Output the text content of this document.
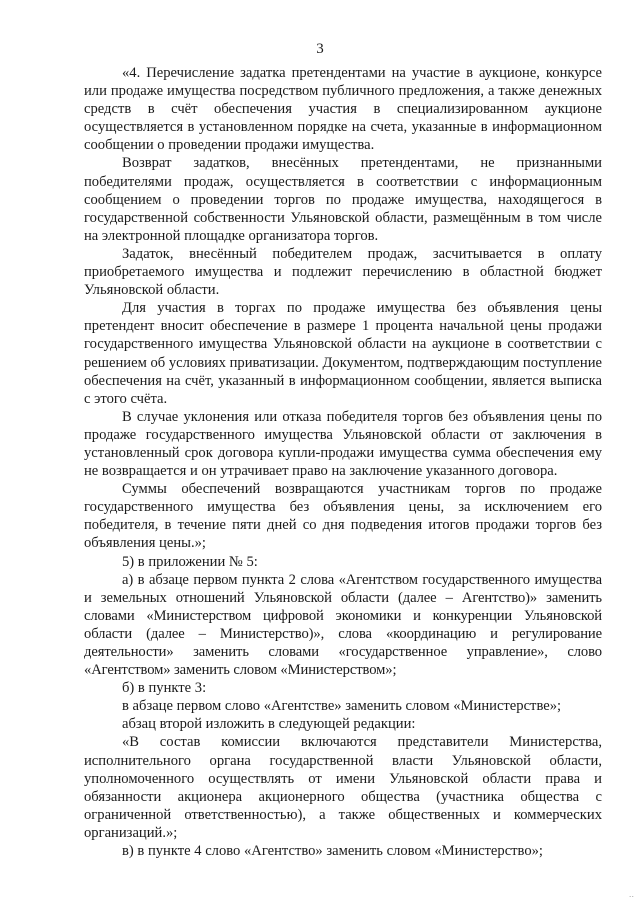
3

«4. Перечисление задатка претендентами на участие в аукционе, конкурсе или продаже имущества посредством публичного предложения, а также денежных средств в счёт обеспечения участия в специализированном аукционе осуществляется в установленном порядке на счета, указанные в информационном сообщении о проведении продажи имущества.

Возврат задатков, внесённых претендентами, не признанными победителями продаж, осуществляется в соответствии с информационным сообщением о проведении торгов по продаже имущества, находящегося в государственной собственности Ульяновской области, размещённым в том числе на электронной площадке организатора торгов.

Задаток, внесённый победителем продаж, засчитывается в оплату приобретаемого имущества и подлежит перечислению в областной бюджет Ульяновской области.

Для участия в торгах по продаже имущества без объявления цены претендент вносит обеспечение в размере 1 процента начальной цены продажи государственного имущества Ульяновской области на аукционе в соответствии с решением об условиях приватизации. Документом, подтверждающим поступление обеспечения на счёт, указанный в информационном сообщении, является выписка с этого счёта.

В случае уклонения или отказа победителя торгов без объявления цены по продаже государственного имущества Ульяновской области от заключения в установленный срок договора купли-продажи имущества сумма обеспечения ему не возвращается и он утрачивает право на заключение указанного договора.

Суммы обеспечений возвращаются участникам торгов по продаже государственного имущества без объявления цены, за исключением его победителя, в течение пяти дней со дня подведения итогов продажи торгов без объявления цены.»;

5) в приложении № 5:

а) в абзаце первом пункта 2 слова «Агентством государственного имущества и земельных отношений Ульяновской области (далее – Агентство)» заменить словами «Министерством цифровой экономики и конкуренции Ульяновской области (далее – Министерство)», слова «координацию и регулирование деятельности» заменить словами «государственное управление», слово «Агентством» заменить словом «Министерством»;

б) в пункте 3:

в абзаце первом слово «Агентстве» заменить словом «Министерстве»;

абзац второй изложить в следующей редакции:

«В состав комиссии включаются представители Министерства, исполнительного органа государственной власти Ульяновской области, уполномоченного осуществлять от имени Ульяновской области права и обязанности акционера акционерного общества (участника общества с ограниченной ответственностью), а также общественных и коммерческих организаций.»;

в) в пункте 4 слово «Агентство» заменить словом «Министерство»;

..
